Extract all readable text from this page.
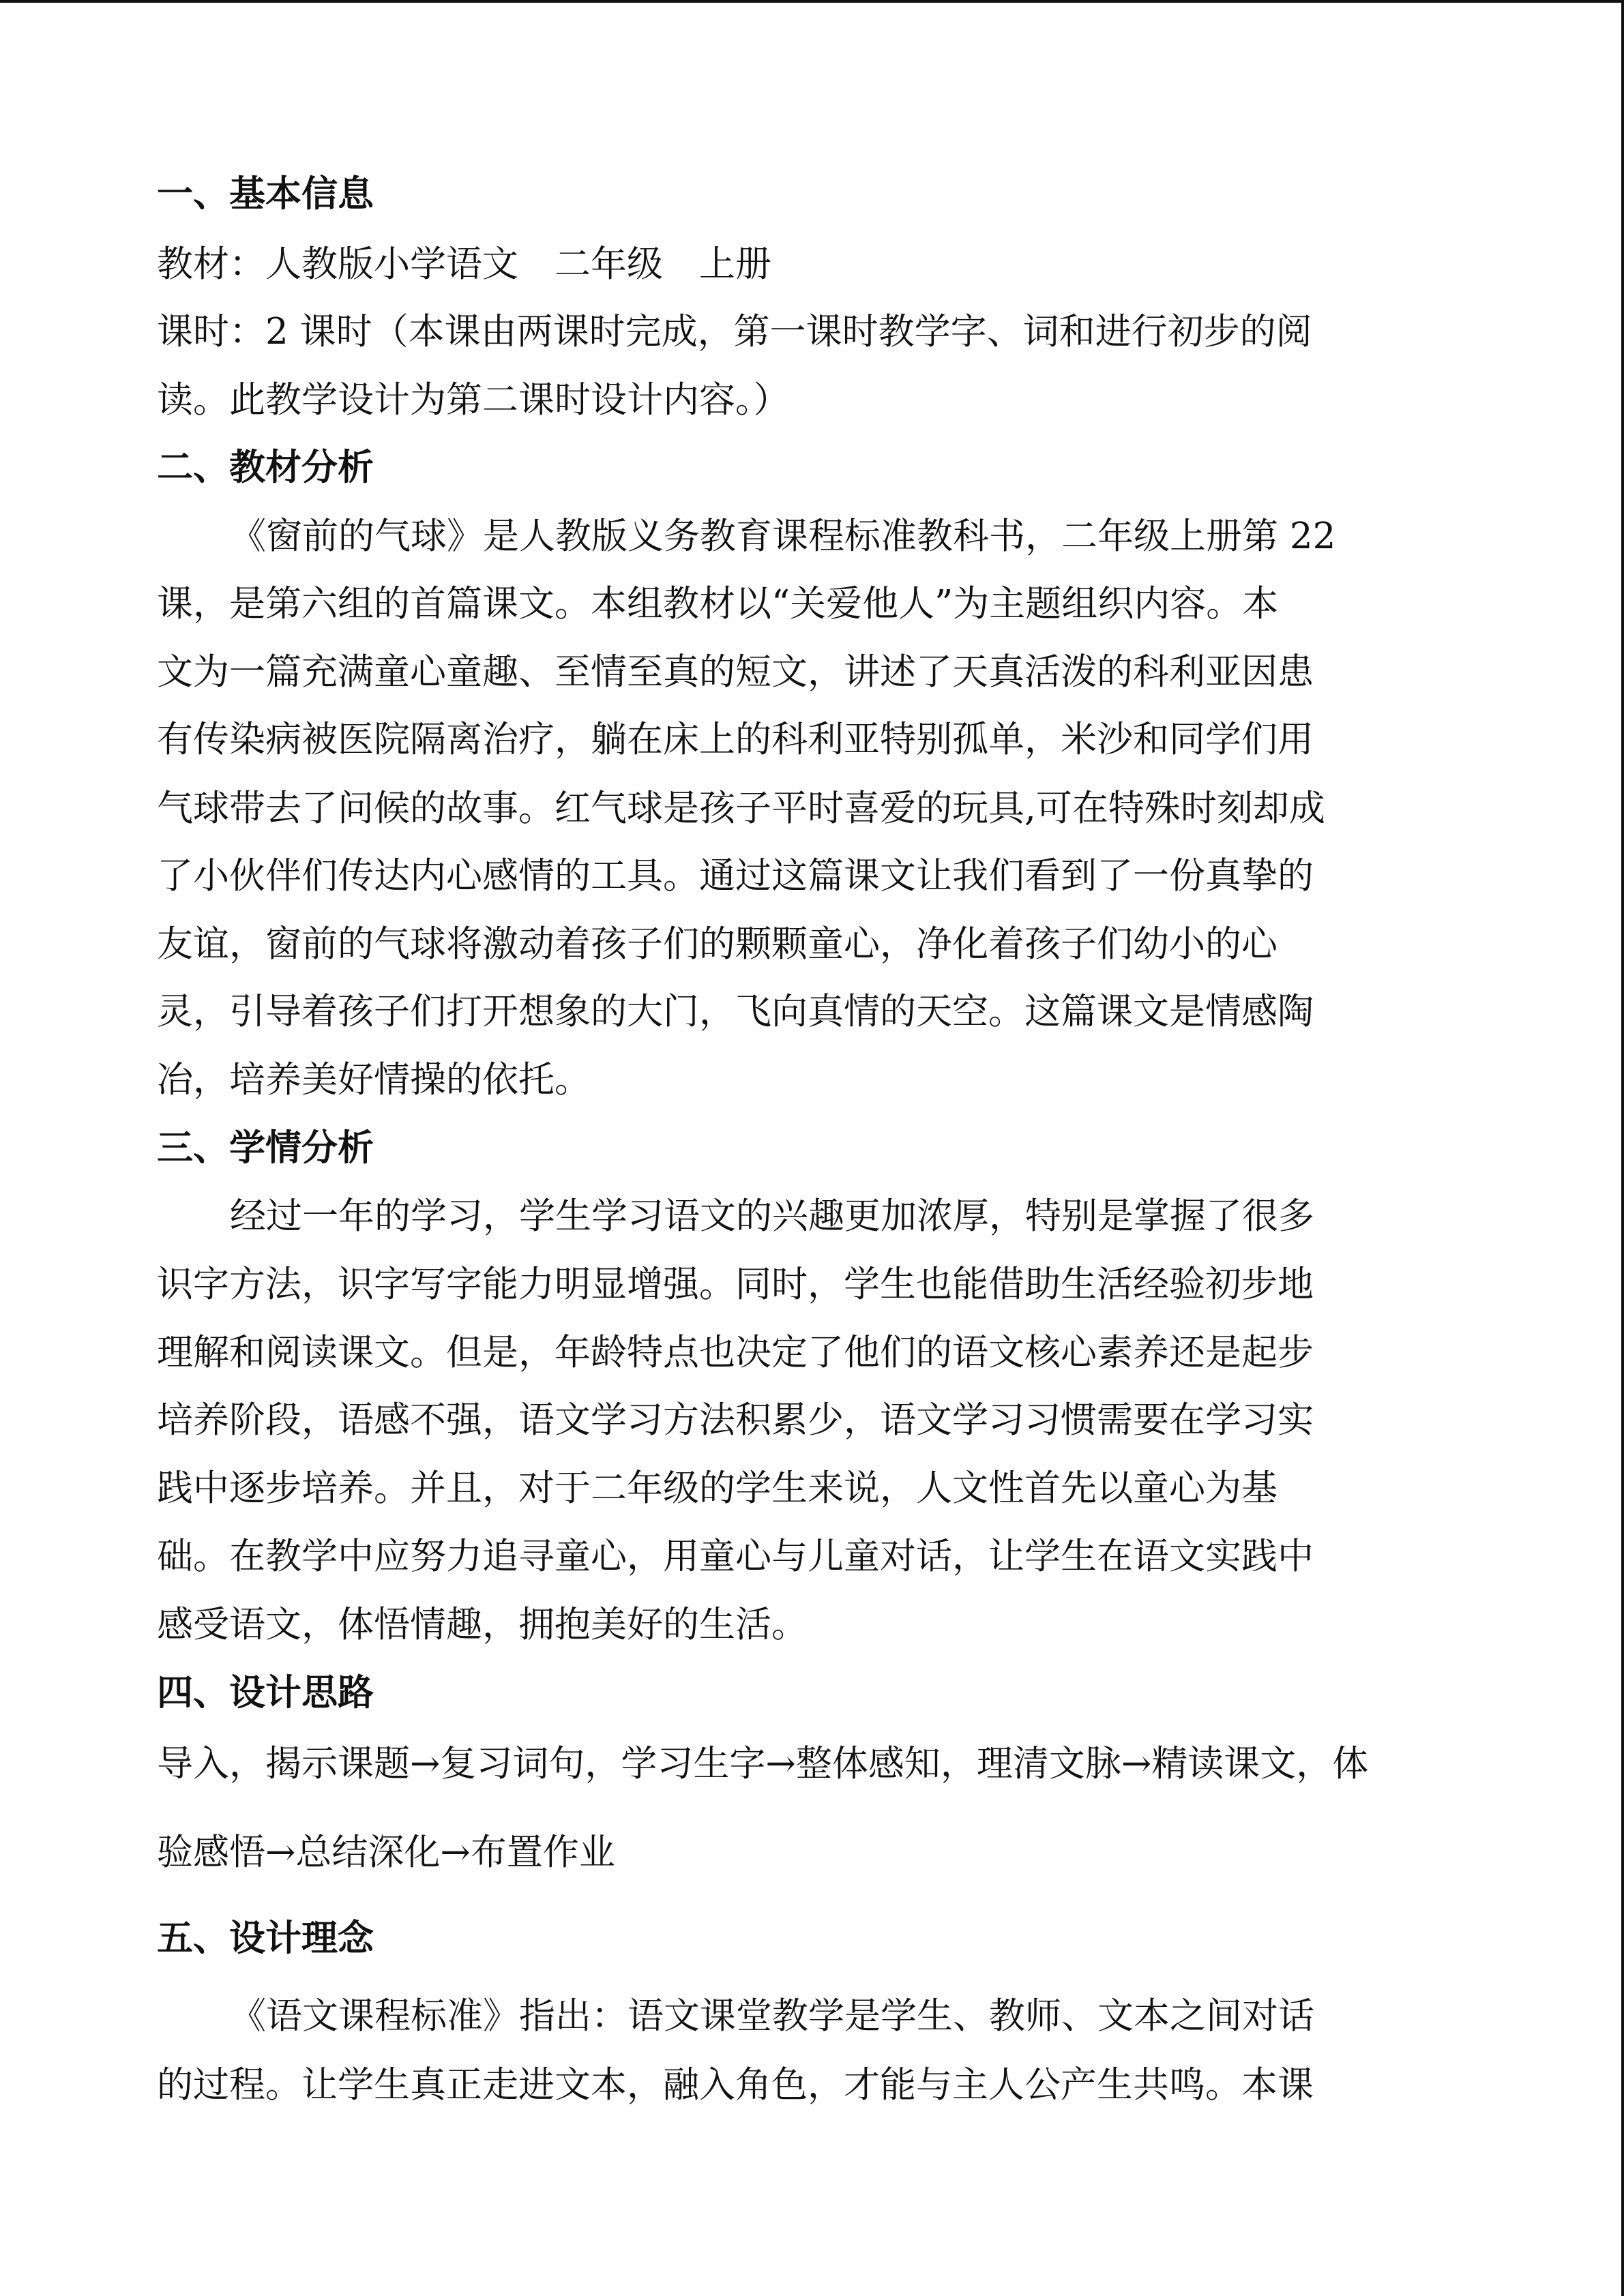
一、基本信息
教材：人教版小学语文　二年级　上册
课时：2 课时（本课由两课时完成，第一课时教学字、词和进行初步的阅
读。此教学设计为第二课时设计内容。）
二、教材分析
《窗前的气球》是人教版义务教育课程标准教科书，二年级上册第 22
课，是第六组的首篇课文。本组教材以“关爱他人”为主题组织内容。本
文为一篇充满童心童趣、至情至真的短文，讲述了天真活泼的科利亚因患
有传染病被医院隔离治疗，躺在床上的科利亚特别孤单，米沙和同学们用
气球带去了问候的故事。红气球是孩子平时喜爱的玩具,可在特殊时刻却成
了小伙伴们传达内心感情的工具。通过这篇课文让我们看到了一份真挚的
友谊，窗前的气球将激动着孩子们的颗颗童心，净化着孩子们幼小的心
灵，引导着孩子们打开想象的大门，飞向真情的天空。这篇课文是情感陶
冶，培养美好情操的依托。
三、学情分析
经过一年的学习，学生学习语文的兴趣更加浓厚，特别是掌握了很多
识字方法，识字写字能力明显增强。同时，学生也能借助生活经验初步地
理解和阅读课文。但是，年龄特点也决定了他们的语文核心素养还是起步
培养阶段，语感不强，语文学习方法积累少，语文学习习惯需要在学习实
践中逐步培养。并且，对于二年级的学生来说，人文性首先以童心为基
础。在教学中应努力追寻童心，用童心与儿童对话，让学生在语文实践中
感受语文，体悟情趣，拥抱美好的生活。
四、设计思路
导入，揭示课题→复习词句，学习生字→整体感知，理清文脉→精读课文，体
验感悟→总结深化→布置作业
五、设计理念
《语文课程标准》指出：语文课堂教学是学生、教师、文本之间对话
的过程。让学生真正走进文本，融入角色，才能与主人公产生共鸣。本课
